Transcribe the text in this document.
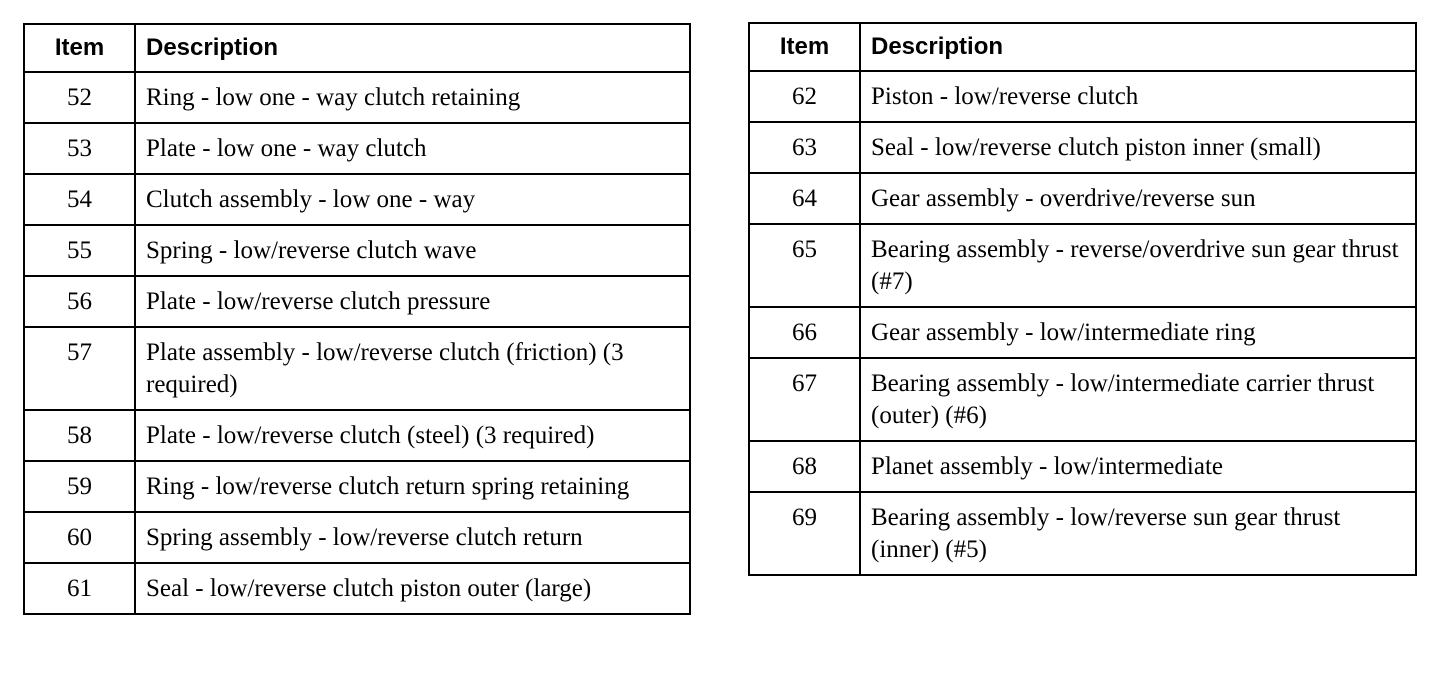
Item	Description
52	Ring - low one - way clutch retaining
53	Plate - low one - way clutch
54	Clutch assembly - low one - way
55	Spring - low/reverse clutch wave
56	Plate - low/reverse clutch pressure
57	Plate assembly - low/reverse clutch (friction) (3 required)
58	Plate - low/reverse clutch (steel) (3 required)
59	Ring - low/reverse clutch return spring retaining
60	Spring assembly - low/reverse clutch return
61	Seal - low/reverse clutch piston outer (large)
Item	Description
62	Piston - low/reverse clutch
63	Seal - low/reverse clutch piston inner (small)
64	Gear assembly - overdrive/reverse sun
65	Bearing assembly - reverse/overdrive sun gear thrust (#7)
66	Gear assembly - low/intermediate ring
67	Bearing assembly - low/intermediate carrier thrust (outer) (#6)
68	Planet assembly - low/intermediate
69	Bearing assembly - low/reverse sun gear thrust (inner) (#5)
